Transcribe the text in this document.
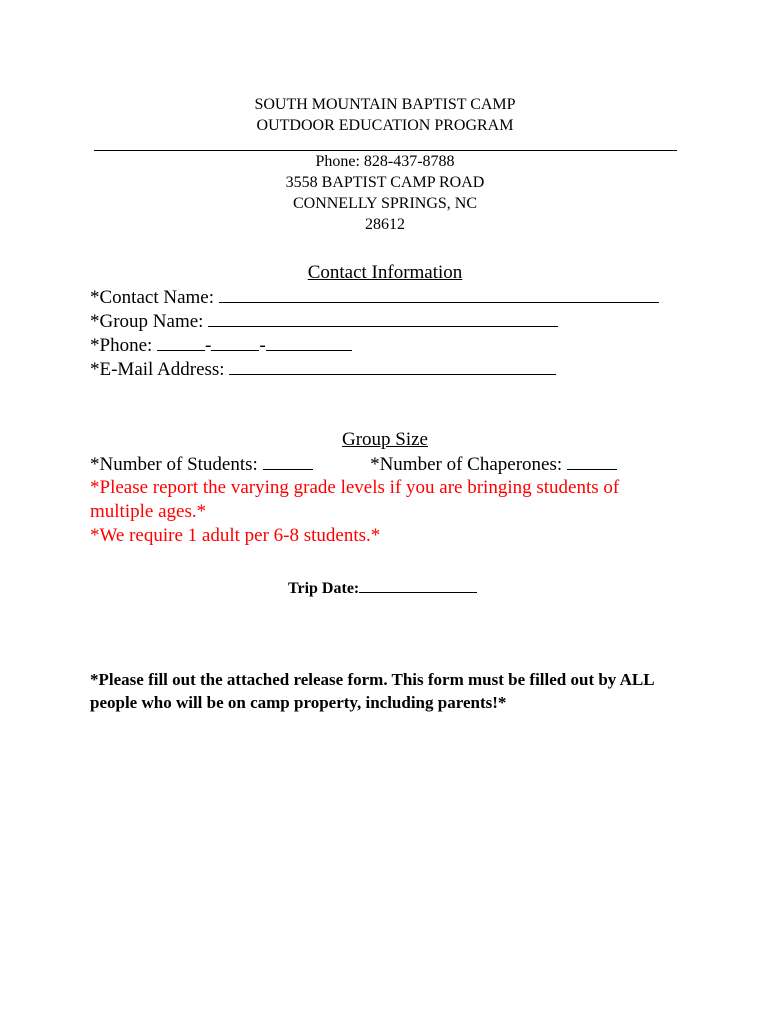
SOUTH MOUNTAIN BAPTIST CAMP
OUTDOOR EDUCATION PROGRAM
Phone: 828-437-8788
3558 BAPTIST CAMP ROAD
CONNELLY SPRINGS, NC
28612
Contact Information
*Contact Name:
*Group Name:
*Phone:	-	-
*E-Mail Address:
Group Size
*Number of Students:	*Number of Chaperones:
*Please report the varying grade levels if you are bringing students of multiple ages.*
*We require 1 adult per 6-8 students.*
Trip Date:
*Please fill out the attached release form. This form must be filled out by ALL people who will be on camp property, including parents!*
